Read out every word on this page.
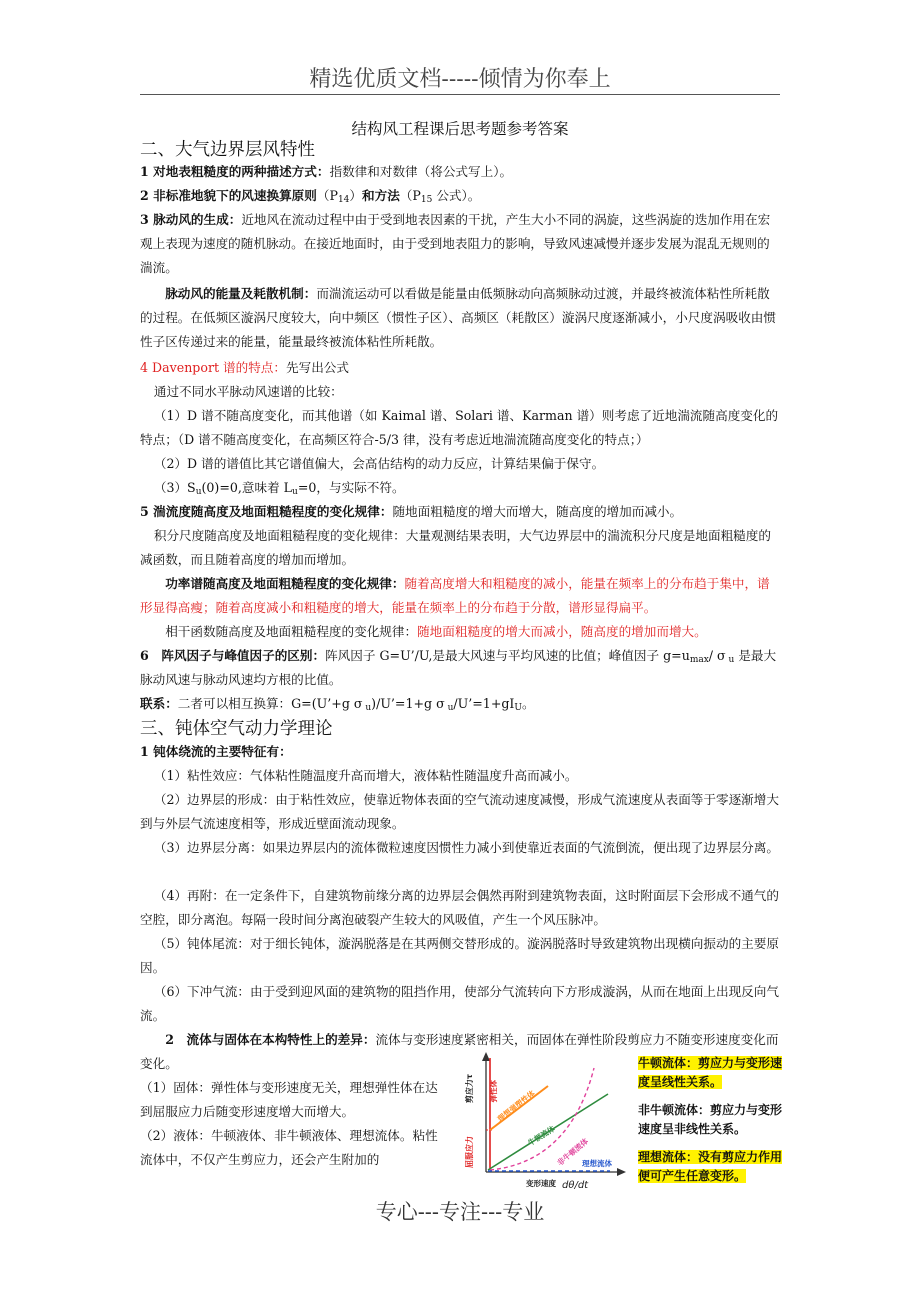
精选优质文档-----倾情为你奉上
结构风工程课后思考题参考答案
二、大气边界层风特性

1 对地表粗糙度的两种描述方式：指数律和对数律（将公式写上）。

2 非标准地貌下的风速换算原则$(P_{14})$和方法（$P_{15}$ 公式）。

3 脉动风的生成：近地风在流动过程中由于受到地表因素的干扰，产生大小不同的涡旋，这些涡旋的迭加作用在宏观上表现为速度的随机脉动。在接近地面时，由于受到地表阻力的影响，导致风速减慢并逐步发展为混乱无规则的湍流。

脉动风的能量及耗散机制：而湍流运动可以看做是能量由低频脉动向高频脉动过渡，并最终被流体粘性所耗散的过程。在低频区漩涡尺度较大，向中频区（惯性子区）、高频区（耗散区）漩涡尺度逐渐减小，小尺度涡吸收由惯性子区传递过来的能量，能量最终被流体粘性所耗散。

4 Davenport 谱的特点：先写出公式

通过不同水平脉动风速谱的比较：

（1）D 谱不随高度变化，而其他谱（如 Kaimal 谱、Solari 谱、Karman 谱）则考虑了近地湍流随高度变化的特点；（D 谱不随高度变化，在高频区符合-5/3 律，没有考虑近地湍流随高度变化的特点；）

（2）D 谱的谱值比其它谱值偏大，会高估结构的动力反应，计算结果偏于保守。

$(3)S_u(0)=0$,意味着 $L_u=0$，与实际不符。

5 湍流度随高度及地面粗糙程度的变化规律：随地面粗糙度的增大而增大，随高度的增加而减小。

积分尺度随高度及地面粗糙程度的变化规律：大量观测结果表明，大气边界层中的湍流积分尺度是地面粗糙度的减函数，而且随着高度的增加而增加。

功率谱随高度及地面粗糙程度的变化规律：随着高度增大和粗糙度的减小，能量在频率上的分布趋于集中，谱形显得高瘦；随着高度减小和粗糙度的增大，能量在频率上的分布趋于分散，谱形显得扁平。

相干函数随高度及地面粗糙程度的变化规律：随地面粗糙度的增大而减小，随高度的增加而增大。

6　阵风因子与峰值因子的区别：阵风因子 G=U’/U,是最大风速与平均风速的比值；峰值因子 $g=u_{max}/$ σ $_u$ 是最大脉动风速与脉动风速均方根的比值。

联系：二者可以相互换算：G=(U’+g σ $_u$)/U’=1+g σ $_u/U’=1+gI_U$。

三、钝体空气动力学理论

1 钝体绕流的主要特征有：

（1）粘性效应：气体粘性随温度升高而增大，液体粘性随温度升高而减小。

（2）边界层的形成：由于粘性效应，使靠近物体表面的空气流动速度减慢，形成气流速度从表面等于零逐渐增大到与外层气流速度相等，形成近壁面流动现象。

（3）边界层分离：如果边界层内的流体微粒速度因惯性力减小到使靠近表面的气流倒流，便出现了边界层分离。

（4）再附：在一定条件下，自建筑物前缘分离的边界层会偶然再附到建筑物表面，这时附面层下会形成不通气的空腔，即分离泡。每隔一段时间分离泡破裂产生较大的风吸值，产生一个风压脉冲。

（5）钝体尾流：对于细长钝体，漩涡脱落是在其两侧交替形成的。漩涡脱落时导致建筑物出现横向振动的主要原因。

（6）下冲气流：由于受到迎风面的建筑物的阻挡作用，使部分气流转向下方形成漩涡，从而在地面上出现反向气流。

2　流体与固体在本构特性上的差异：流体与变形速度紧密相关，而固体在弹性阶段剪应力不随变形速度变化而变化。

（1）固体：弹性体与变形速度无关，理想弹性体在达到屈服应力后随变形速度增大而增大。

（2）液体：牛顿液体、非牛顿液体、理想流体。粘性流体中，不仅产生剪应力，还会产生附加的

剪应力τ
屈服应力
弹性体
理想弹塑性体
牛顿流体
非牛顿流体
理想流体
变形速度 dθ/dt
牛顿流体：剪应力与变形速度呈线性关系。
非牛顿流体：剪应力与变形速度呈非线性关系。
理想流体：没有剪应力作用便可产生任意变形。
专心---专注---专业
